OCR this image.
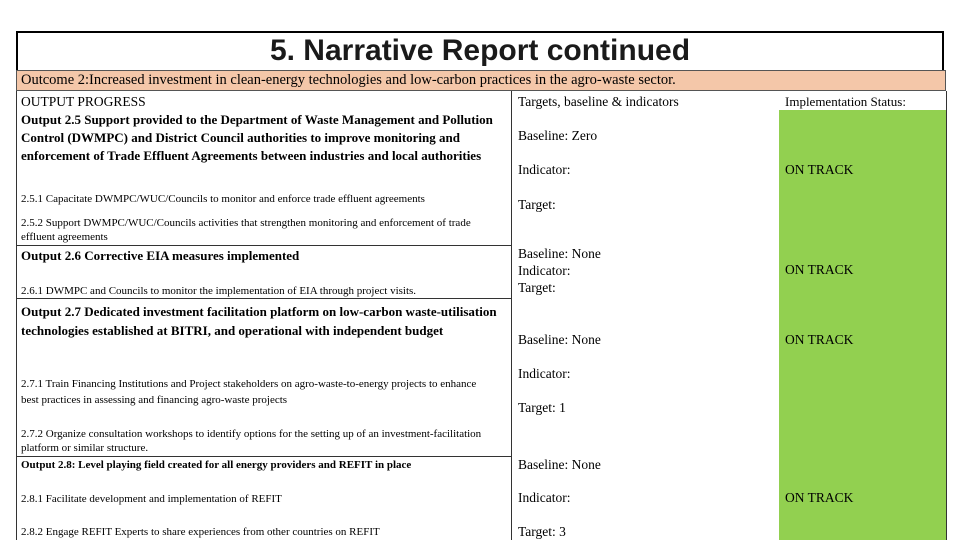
5. Narrative Report continued
Outcome 2:Increased investment in clean-energy technologies and low-carbon practices in the agro-waste sector.
OUTPUT PROGRESS	Targets, baseline & indicators	Implementation Status:
Output 2.5 Support provided to the Department of Waste Management and Pollution Control (DWMPC) and District Council authorities to improve monitoring and enforcement of Trade Effluent Agreements between industries and local authorities
2.5.1 Capacitate DWMPC/WUC/Councils to monitor and enforce trade effluent agreements
2.5.2 Support DWMPC/WUC/Councils activities that strengthen monitoring and enforcement of trade effluent agreements
Baseline: Zero
Indicator:
Target:
ON TRACK
Output 2.6 Corrective EIA measures implemented
2.6.1 DWMPC and Councils to monitor the implementation of EIA through project visits.
Baseline: None
Indicator:
Target:
ON TRACK
Output 2.7 Dedicated investment facilitation platform on low-carbon waste-utilisation technologies established at BITRI, and operational with independent budget
2.7.1 Train Financing Institutions and Project stakeholders on agro-waste-to-energy projects to enhance best practices in assessing and financing agro-waste projects
2.7.2 Organize consultation workshops to identify options for the setting up of an investment-facilitation platform or similar structure.
Baseline: None
Indicator:
Target: 1
ON TRACK
Output 2.8: Level playing field created for all energy providers and REFIT in place
2.8.1 Facilitate development and implementation of REFIT
2.8.2 Engage REFIT Experts to share experiences from other countries on REFIT
Baseline: None
Indicator:
Target: 3
ON TRACK
